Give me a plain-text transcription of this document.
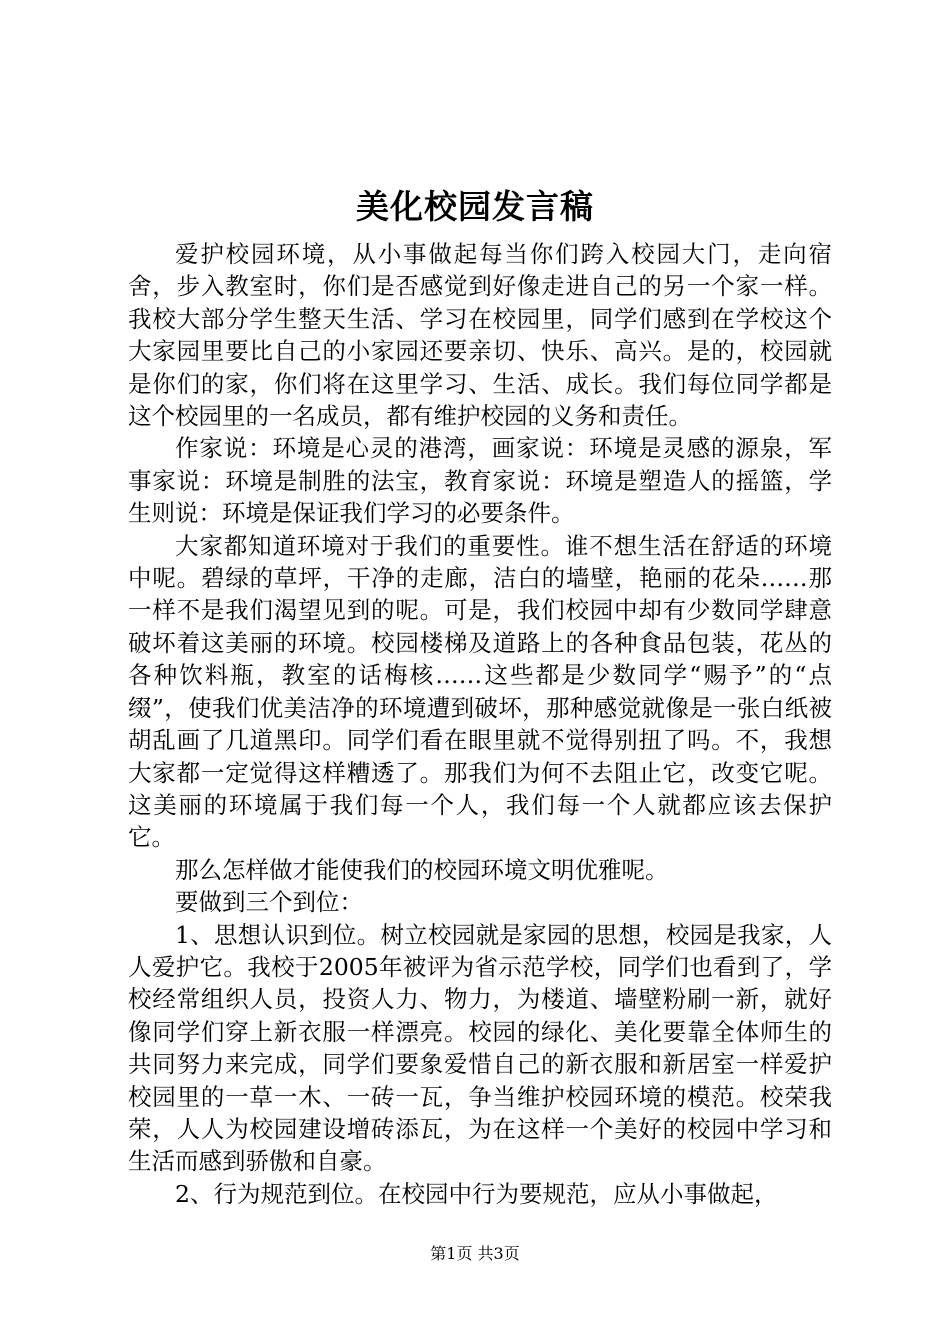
美化校园发言稿

爱护校园环境，从小事做起每当你们跨入校园大门，走向宿舍，步入教室时，你们是否感觉到好像走进自己的另一个家一样。我校大部分学生整天生活、学习在校园里，同学们感到在学校这个大家园里要比自己的小家园还要亲切、快乐、高兴。是的，校园就是你们的家，你们将在这里学习、生活、成长。我们每位同学都是这个校园里的一名成员，都有维护校园的义务和责任。

作家说：环境是心灵的港湾，画家说：环境是灵感的源泉，军事家说：环境是制胜的法宝，教育家说：环境是塑造人的摇篮，学生则说：环境是保证我们学习的必要条件。

大家都知道环境对于我们的重要性。谁不想生活在舒适的环境中呢。碧绿的草坪，干净的走廊，洁白的墙壁，艳丽的花朵……那一样不是我们渴望见到的呢。可是，我们校园中却有少数同学肆意破坏着这美丽的环境。校园楼梯及道路上的各种食品包装，花丛的各种饮料瓶，教室的话梅核……这些都是少数同学“赐予”的“点缀”，使我们优美洁净的环境遭到破坏，那种感觉就像是一张白纸被胡乱画了几道黑印。同学们看在眼里就不觉得别扭了吗。不，我想大家都一定觉得这样糟透了。那我们为何不去阻止它，改变它呢。这美丽的环境属于我们每一个人，我们每一个人就都应该去保护它。

那么怎样做才能使我们的校园环境文明优雅呢。

要做到三个到位：

1、思想认识到位。树立校园就是家园的思想，校园是我家，人人爱护它。我校于2005年被评为省示范学校，同学们也看到了，学校经常组织人员，投资人力、物力，为楼道、墙壁粉刷一新，就好像同学们穿上新衣服一样漂亮。校园的绿化、美化要靠全体师生的共同努力来完成，同学们要象爱惜自己的新衣服和新居室一样爱护校园里的一草一木、一砖一瓦，争当维护校园环境的模范。校荣我荣，人人为校园建设增砖添瓦，为在这样一个美好的校园中学习和生活而感到骄傲和自豪。

2、行为规范到位。在校园中行为要规范，应从小事做起，

第1页 共3页
